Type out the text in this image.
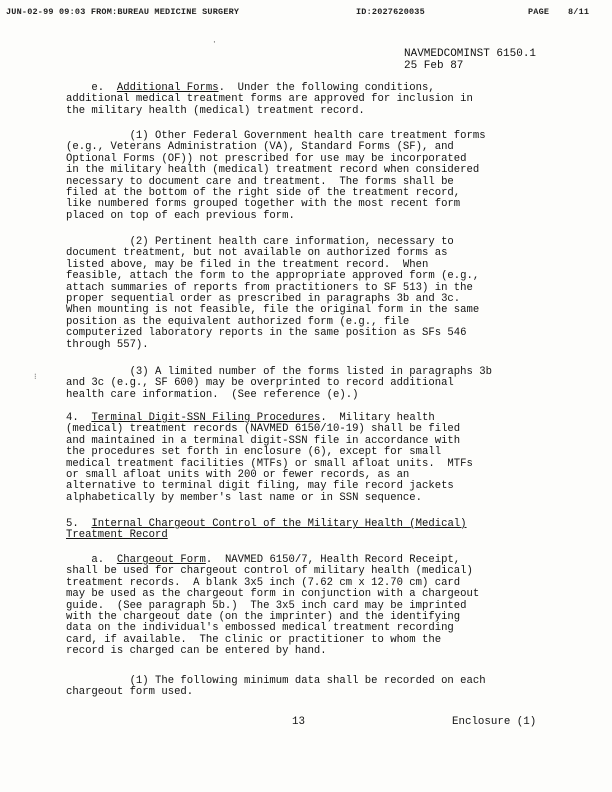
JUN-02-99 09:03 FROM:BUREAU MEDICINE SURGERY	ID:2027620035	PAGE 8/11
NAVMEDCOMINST 6150.1
25 Feb 87

e.  Additional Forms.  Under the following conditions,
additional medical treatment forms are approved for inclusion in
the military health (medical) treatment record.

(1) Other Federal Government health care treatment forms
(e.g., Veterans Administration (VA), Standard Forms (SF), and
Optional Forms (OF)) not prescribed for use may be incorporated
in the military health (medical) treatment record when considered
necessary to document care and treatment.  The forms shall be
filed at the bottom of the right side of the treatment record,
like numbered forms grouped together with the most recent form
placed on top of each previous form.

(2) Pertinent health care information, necessary to
document treatment, but not available on authorized forms as
listed above, may be filed in the treatment record.  When
feasible, attach the form to the appropriate approved form (e.g.,
attach summaries of reports from practitioners to SF 513) in the
proper sequential order as prescribed in paragraphs 3b and 3c.
When mounting is not feasible, file the original form in the same
position as the equivalent authorized form (e.g., file
computerized laboratory reports in the same position as SFs 546
through 557).

(3) A limited number of the forms listed in paragraphs 3b
and 3c (e.g., SF 600) may be overprinted to record additional
health care information.  (See reference (e).)

4.  Terminal Digit-SSN Filing Procedures.  Military health
(medical) treatment records (NAVMED 6150/10-19) shall be filed
and maintained in a terminal digit-SSN file in accordance with
the procedures set forth in enclosure (6), except for small
medical treatment facilities (MTFs) or small afloat units.  MTFs
or small afloat units with 200 or fewer records, as an
alternative to terminal digit filing, may file record jackets
alphabetically by member's last name or in SSN sequence.

5.  Internal Chargeout Control of the Military Health (Medical)
Treatment Record

a.  Chargeout Form.  NAVMED 6150/7, Health Record Receipt,
shall be used for chargeout control of military health (medical)
treatment records.  A blank 3x5 inch (7.62 cm x 12.70 cm) card
may be used as the chargeout form in conjunction with a chargeout
guide.  (See paragraph 5b.)  The 3x5 inch card may be imprinted
with the chargeout date (on the imprinter) and the identifying
data on the individual's embossed medical treatment recording
card, if available.  The clinic or practitioner to whom the
record is charged can be entered by hand.

(1) The following minimum data shall be recorded on each
chargeout form used.

13	Enclosure (1)
⁝
·
